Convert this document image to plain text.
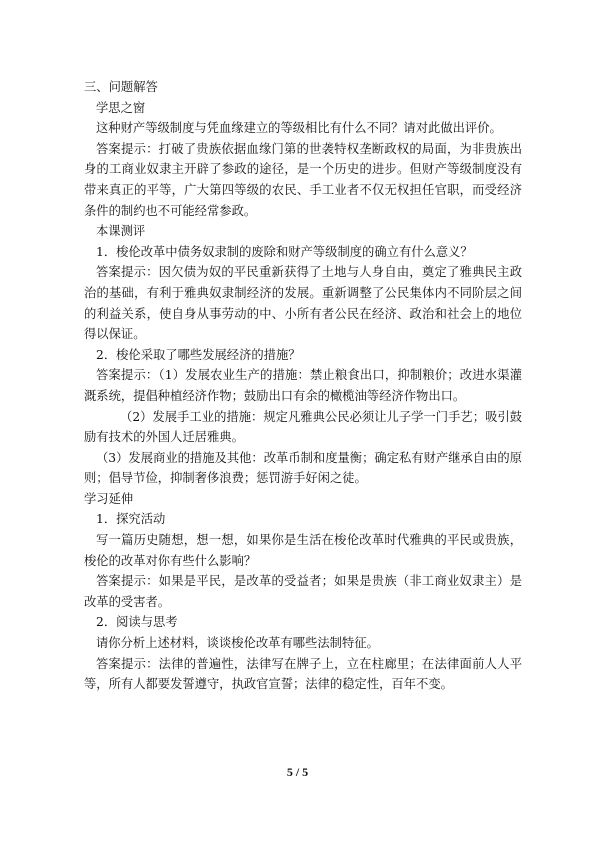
三、问题解答

学思之窗

这种财产等级制度与凭血缘建立的等级相比有什么不同？请对此做出评价。

答案提示：打破了贵族依据血缘门第的世袭特权垄断政权的局面，为非贵族出身的工商业奴隶主开辟了参政的途径，是一个历史的进步。但财产等级制度没有带来真正的平等，广大第四等级的农民、手工业者不仅无权担任官职，而受经济条件的制约也不可能经常参政。

本课测评

1．梭伦改革中债务奴隶制的废除和财产等级制度的确立有什么意义？

答案提示：因欠债为奴的平民重新获得了土地与人身自由，奠定了雅典民主政治的基础，有利于雅典奴隶制经济的发展。重新调整了公民集体内不同阶层之间的利益关系，使自身从事劳动的中、小所有者公民在经济、政治和社会上的地位得以保证。

2．梭伦采取了哪些发展经济的措施？

答案提示：（1）发展农业生产的措施：禁止粮食出口，抑制粮价；改进水渠灌溉系统，提倡种植经济作物；鼓励出口有余的橄榄油等经济作物出口。

（2）发展手工业的措施：规定凡雅典公民必须让儿子学一门手艺；吸引鼓励有技术的外国人迁居雅典。

（3）发展商业的措施及其他：改革币制和度量衡；确定私有财产继承自由的原则；倡导节俭，抑制奢侈浪费；惩罚游手好闲之徒。

学习延伸

1．探究活动

写一篇历史随想，想一想，如果你是生活在梭伦改革时代雅典的平民或贵族，梭伦的改革对你有些什么影响？

答案提示：如果是平民，是改革的受益者；如果是贵族（非工商业奴隶主）是改革的受害者。

2．阅读与思考

请你分析上述材料，谈谈梭伦改革有哪些法制特征。

答案提示：法律的普遍性，法律写在牌子上，立在柱廊里；在法律面前人人平等，所有人都要发誓遵守，执政官宣誓；法律的稳定性，百年不变。

5 / 5
